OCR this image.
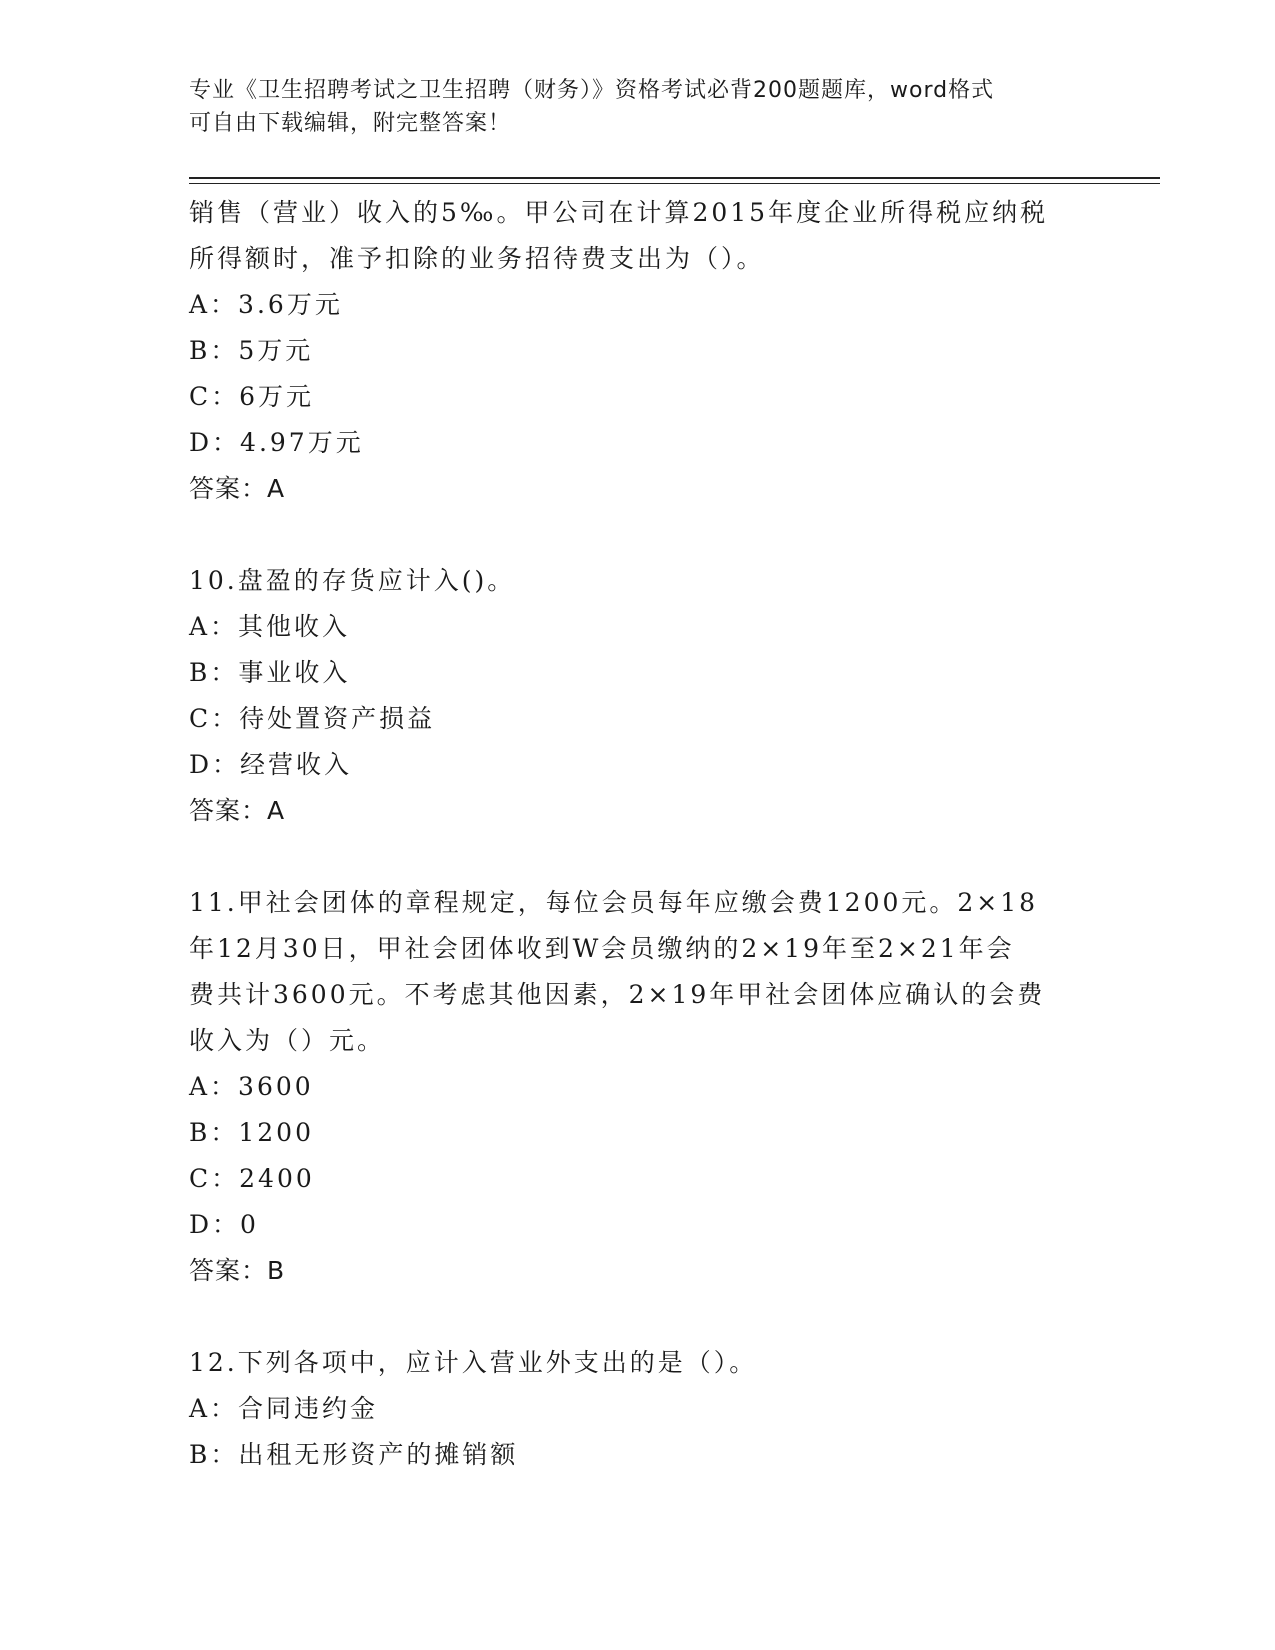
专业《卫生招聘考试之卫生招聘（财务）》资格考试必背200题题库，word格式
可自由下载编辑，附完整答案！

销售（营业）收入的5‰。甲公司在计算2015年度企业所得税应纳税

所得额时，准予扣除的业务招待费支出为（）。

A：3.6万元

B：5万元

C：6万元

D：4.97万元

答案：A

10.盘盈的存货应计入()。

A：其他收入

B：事业收入

C：待处置资产损益

D：经营收入

答案：A

11.甲社会团体的章程规定，每位会员每年应缴会费1200元。2×18

年12月30日，甲社会团体收到W会员缴纳的2×19年至2×21年会

费共计3600元。不考虑其他因素，2×19年甲社会团体应确认的会费

收入为（）元。

A：3600

B：1200

C：2400

D：0

答案：B

12.下列各项中，应计入营业外支出的是（）。

A：合同违约金

B：出租无形资产的摊销额
